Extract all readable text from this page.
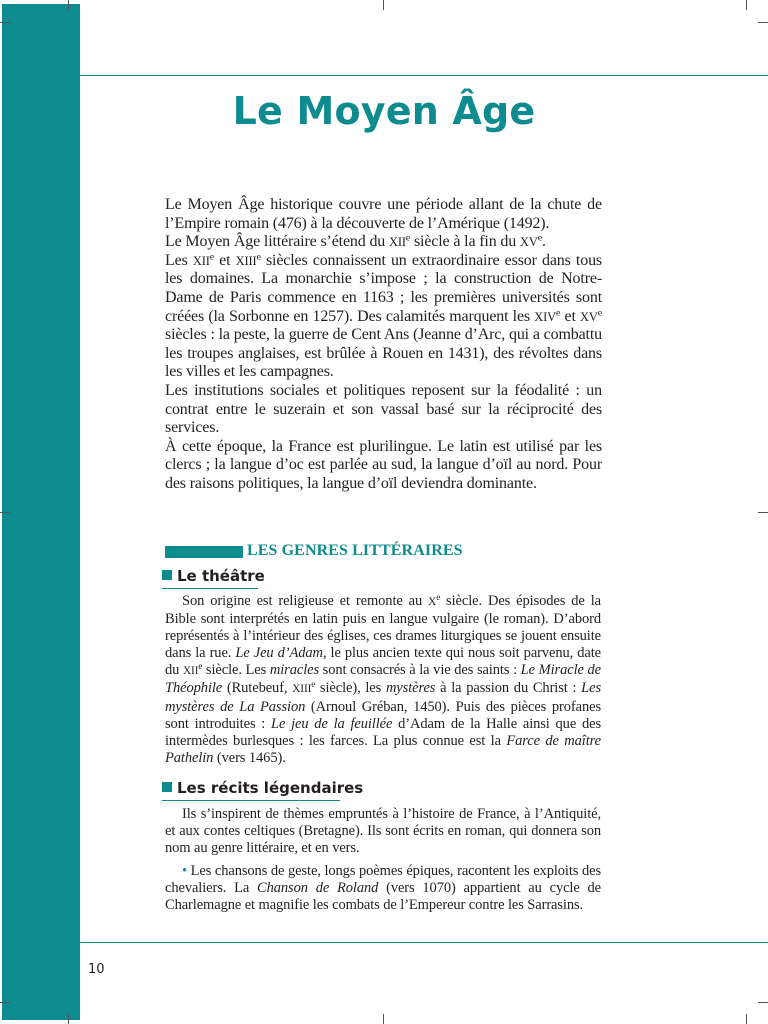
Le Moyen Âge

Le Moyen Âge historique couvre une période allant de la chute de l’Empire romain (476) à la découverte de l’Amérique (1492).

Le Moyen Âge littéraire s’étend du XIIe siècle à la fin du XVe.

Les XIIe et XIIIe siècles connaissent un extraordinaire essor dans tous les domaines. La monarchie s’impose ; la construction de Notre-Dame de Paris commence en 1163 ; les premières universités sont créées (la Sorbonne en 1257). Des calamités marquent les XIVe et XVe siècles : la peste, la guerre de Cent Ans (Jeanne d’Arc, qui a combattu les troupes anglaises, est brûlée à Rouen en 1431), des révoltes dans les villes et les campagnes.

Les institutions sociales et politiques reposent sur la féodalité : un contrat entre le suzerain et son vassal basé sur la réciprocité des services.

À cette époque, la France est plurilingue. Le latin est utilisé par les clercs ; la langue d’oc est parlée au sud, la langue d’oïl au nord. Pour des raisons politiques, la langue d’oïl deviendra dominante.

LES GENRES LITTÉRAIRES
Le théâtre

Son origine est religieuse et remonte au Xe siècle. Des épisodes de la Bible sont interprétés en latin puis en langue vulgaire (le roman). D’abord représentés à l’intérieur des églises, ces drames liturgiques se jouent ensuite dans la rue. Le Jeu d’Adam, le plus ancien texte qui nous soit parvenu, date du XIIe siècle. Les miracles sont consacrés à la vie des saints : Le Miracle de Théophile (Rutebeuf, XIIIe siècle), les mystères à la passion du Christ : Les mystères de La Passion (Arnoul Gréban, 1450). Puis des pièces profanes sont introduites : Le jeu de la feuillée d’Adam de la Halle ainsi que des intermèdes burlesques : les farces. La plus connue est la Farce de maître Pathelin (vers 1465).

Les récits légendaires

Ils s’inspirent de thèmes empruntés à l’histoire de France, à l’Antiquité, et aux contes celtiques (Bretagne). Ils sont écrits en roman, qui donnera son nom au genre littéraire, et en vers.

• Les chansons de geste, longs poèmes épiques, racontent les exploits des chevaliers. La Chanson de Roland (vers 1070) appartient au cycle de Charlemagne et magnifie les combats de l’Empereur contre les Sarrasins.

10
